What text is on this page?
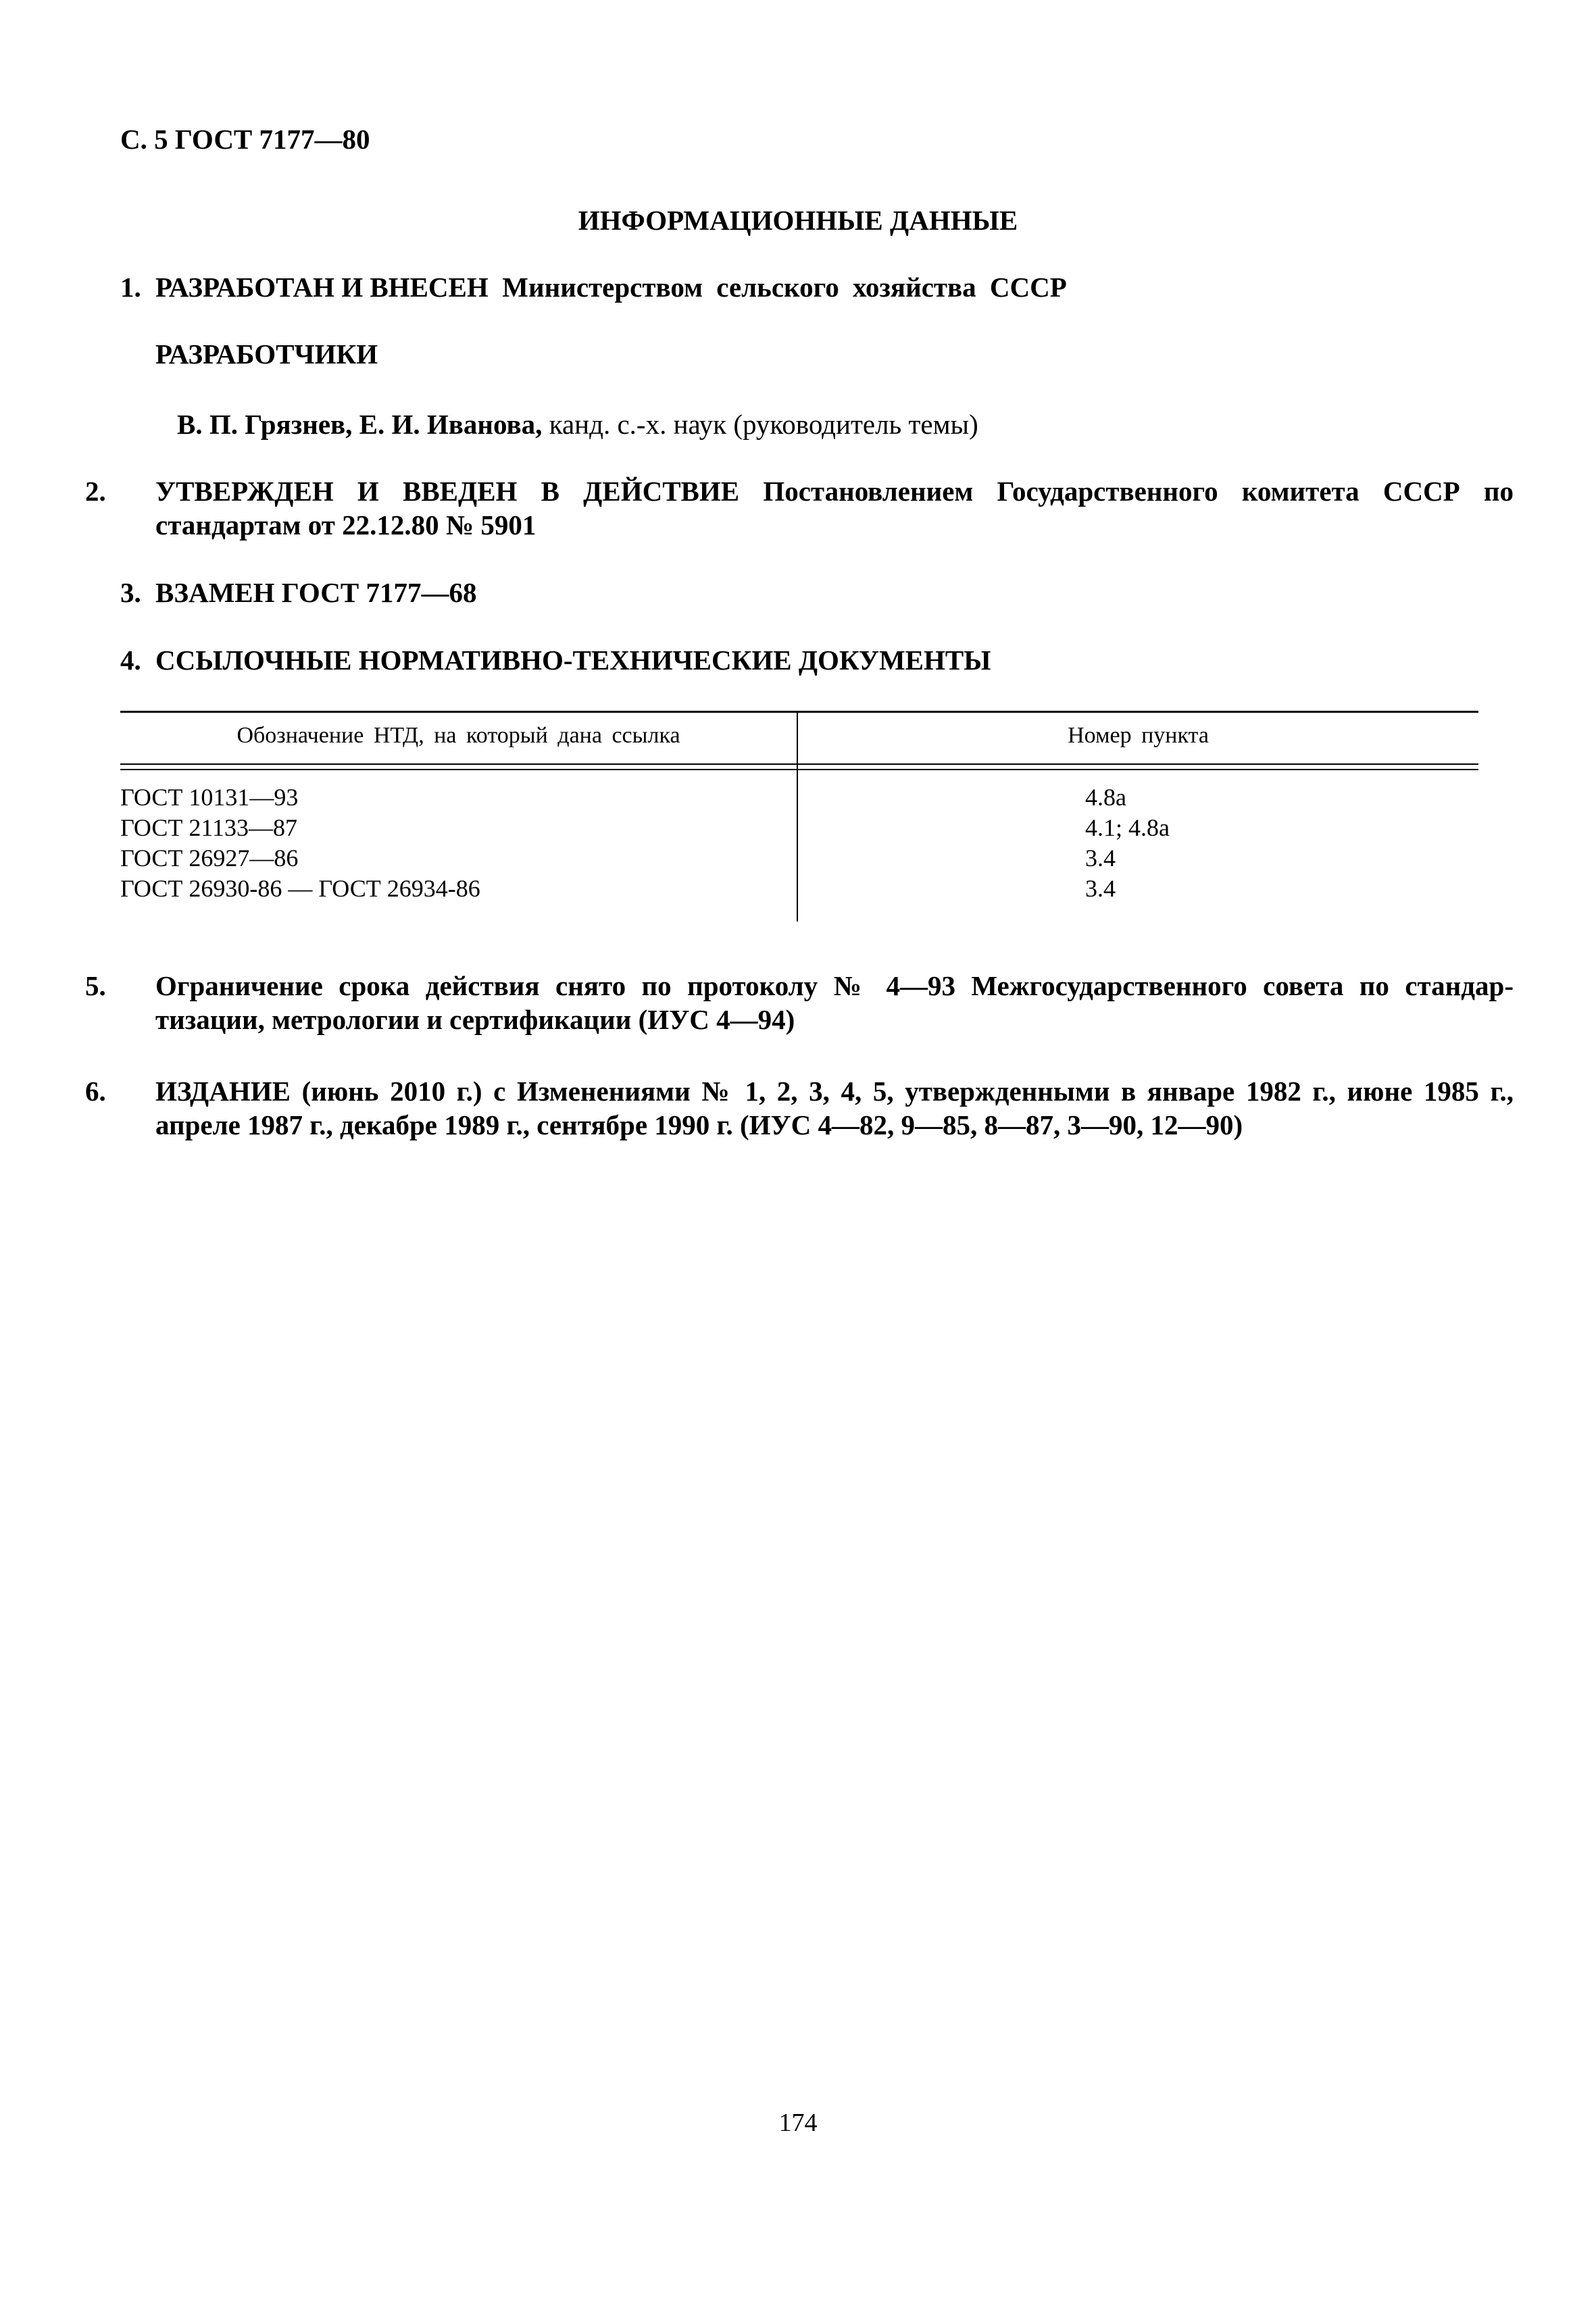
С. 5 ГОСТ 7177—80
ИНФОРМАЦИОННЫЕ ДАННЫЕ
1. РАЗРАБОТАН И ВНЕСЕН Министерством сельского хозяйства СССР
РАЗРАБОТЧИКИ
В. П. Грязнев, Е. И. Иванова, канд. с.-х. наук (руководитель темы)
2. УТВЕРЖДЕН И ВВЕДЕН В ДЕЙСТВИЕ Постановлением Государственного комитета СССР по стандартам от 22.12.80 № 5901
3. ВЗАМЕН ГОСТ 7177—68
4. ССЫЛОЧНЫЕ НОРМАТИВНО-ТЕХНИЧЕСКИЕ ДОКУМЕНТЫ
Обозначение НТД, на который дана ссылка	Номер пункта
ГОСТ 10131—93	4.8а
ГОСТ 21133—87	4.1; 4.8а
ГОСТ 26927—86	3.4
ГОСТ 26930-86 — ГОСТ 26934-86	3.4
5. Ограничение срока действия снято по протоколу № 4—93 Межгосударственного совета по стандар-тизации, метрологии и сертификации (ИУС 4—94)
6. ИЗДАНИЕ (июнь 2010 г.) с Изменениями № 1, 2, 3, 4, 5, утвержденными в январе 1982 г., июне 1985 г., апреле 1987 г., декабре 1989 г., сентябре 1990 г. (ИУС 4—82, 9—85, 8—87, 3—90, 12—90)
174
